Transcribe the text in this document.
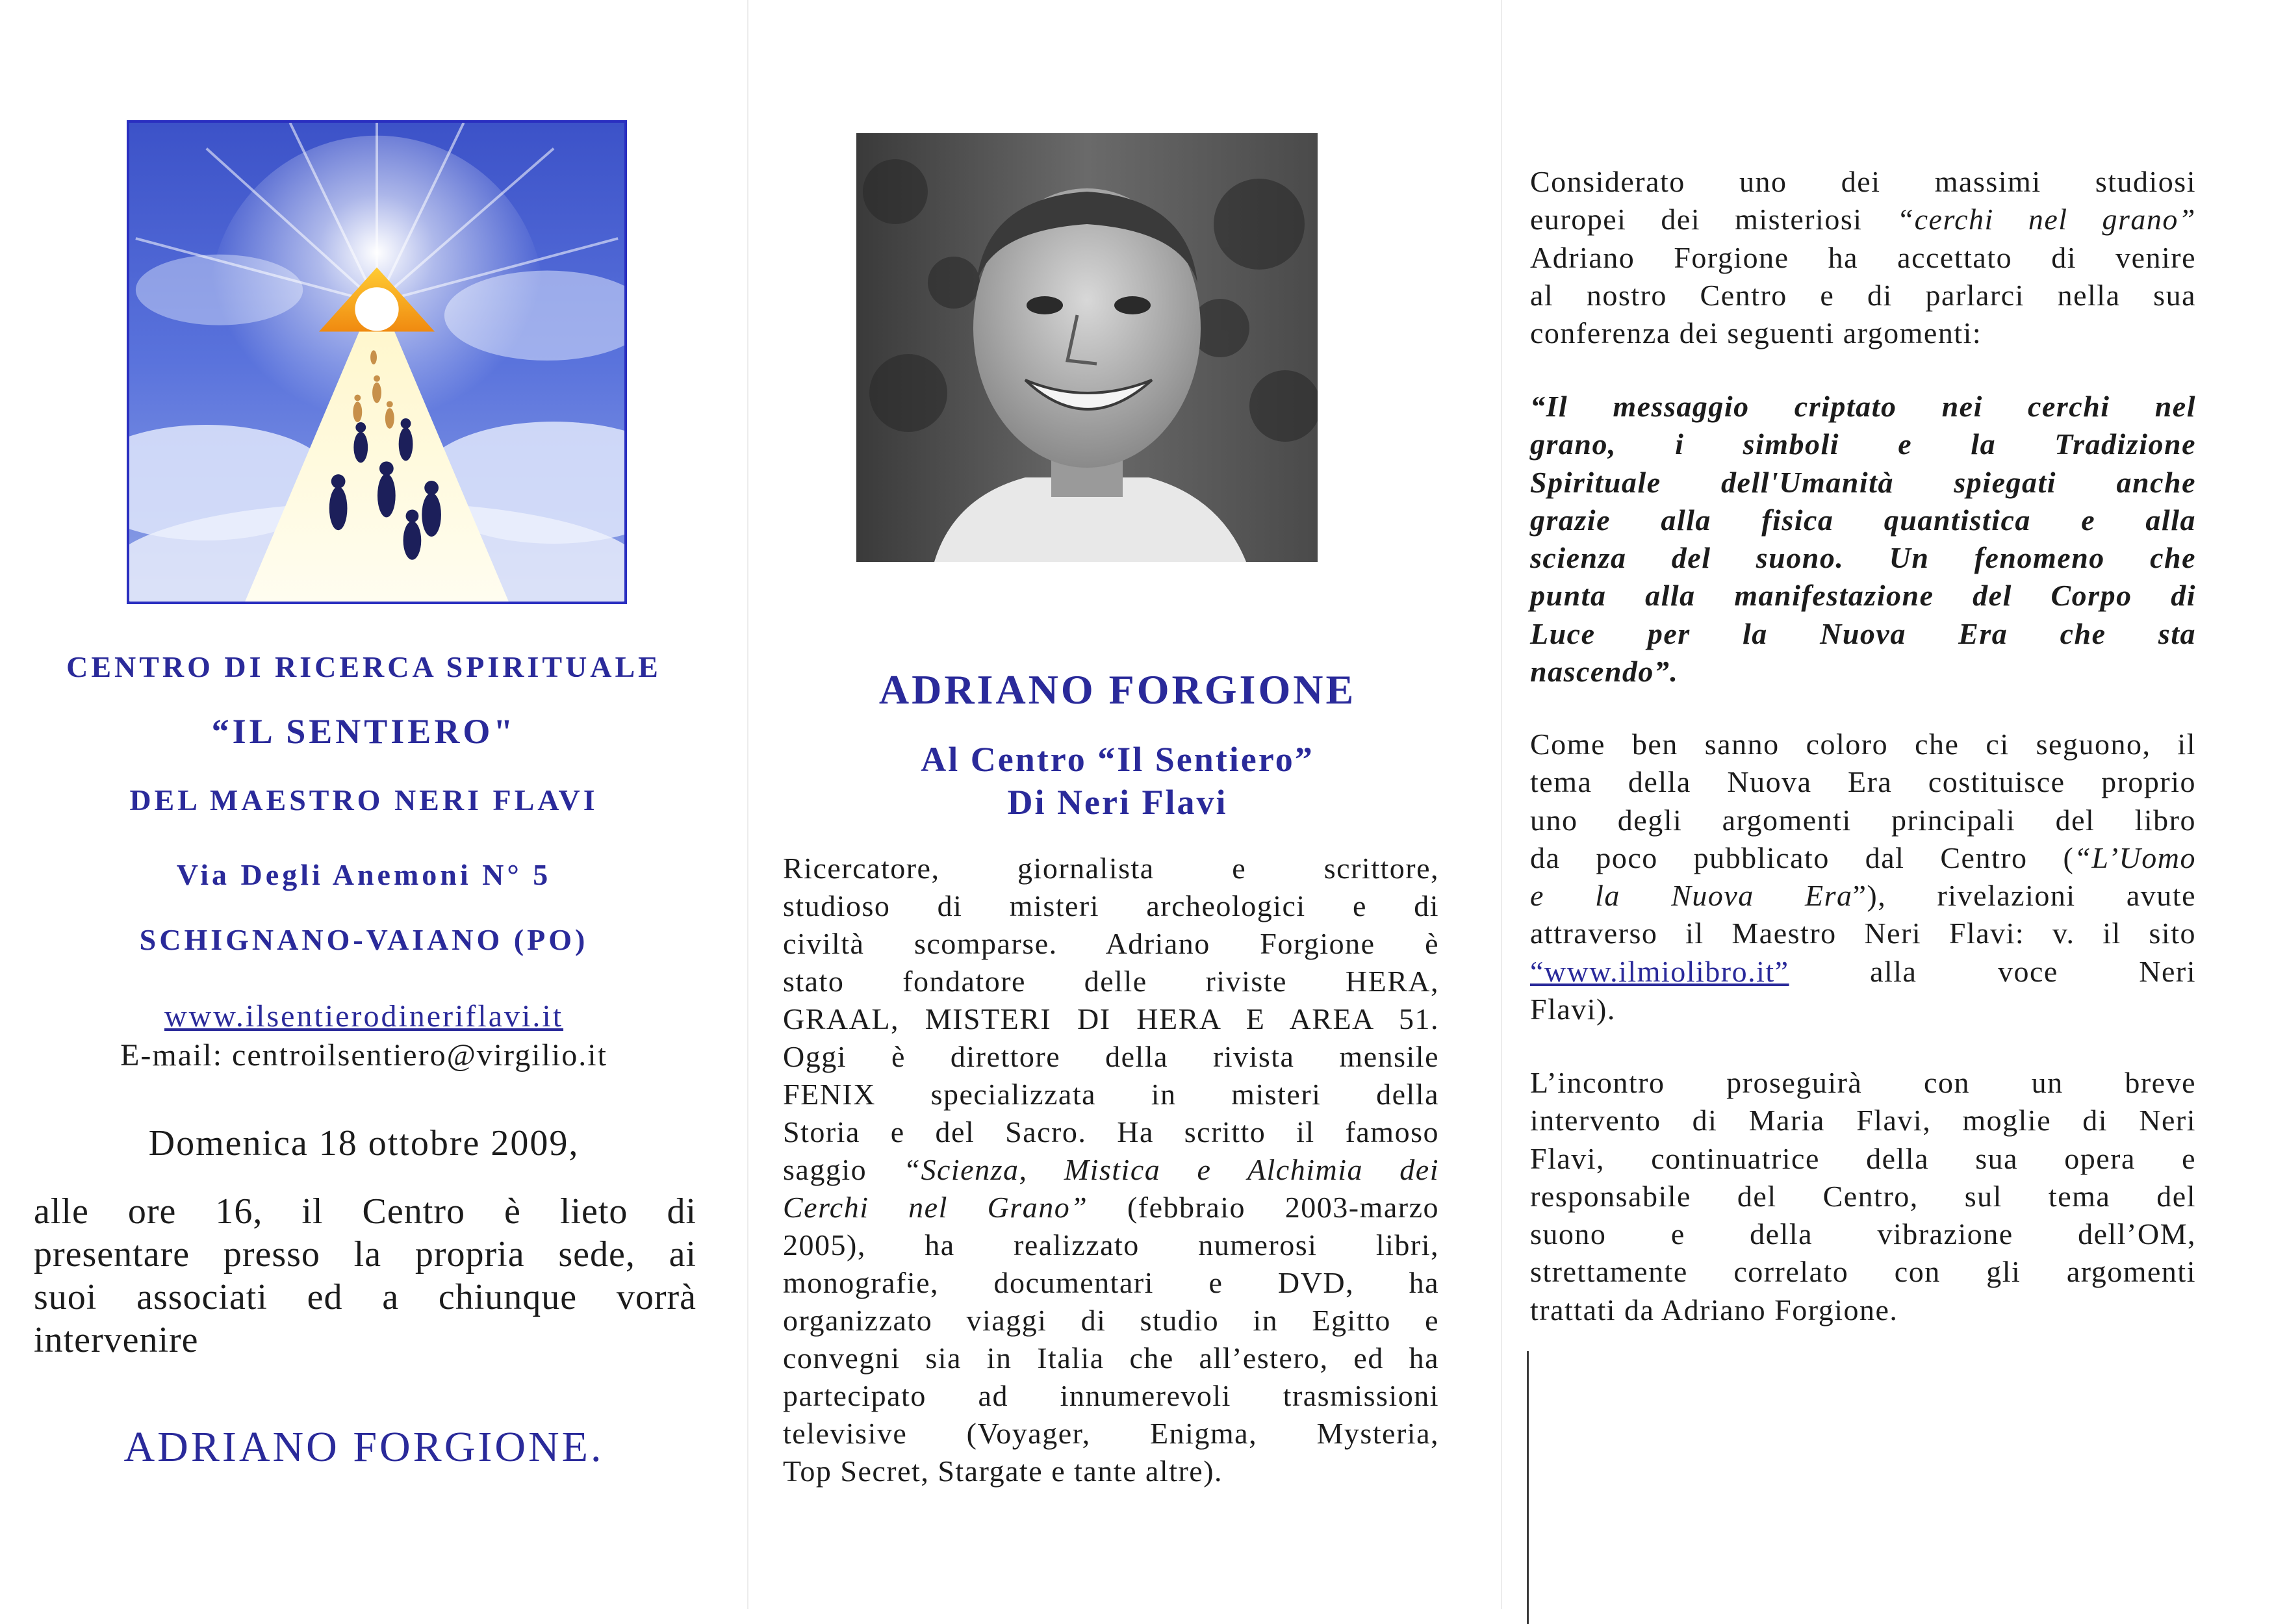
CENTRO DI RICERCA SPIRITUALE
“IL SENTIERO"
DEL MAESTRO NERI FLAVI
Via Degli Anemoni N° 5
SCHIGNANO-VAIANO (PO)
www.ilsentierodineriflavi.it
E-mail: centroilsentiero@virgilio.it
Domenica 18 ottobre 2009,
alle ore 16, il Centro è lieto di
presentare presso la propria sede, ai
suoi associati ed a chiunque vorrà
intervenire
ADRIANO FORGIONE.
ADRIANO FORGIONE
Al Centro “Il Sentiero”
Di Neri Flavi
Ricercatore, giornalista e scrittore,
studioso di misteri archeologici e di
civiltà scomparse. Adriano Forgione è
stato fondatore delle riviste HERA,
GRAAL, MISTERI DI HERA E AREA 51.
Oggi è direttore della rivista mensile
FENIX specializzata in misteri della
Storia e del Sacro. Ha scritto il famoso
saggio “Scienza, Mistica e Alchimia dei
Cerchi nel Grano” (febbraio 2003-marzo
2005), ha realizzato numerosi libri,
monografie, documentari e DVD, ha
organizzato viaggi di studio in Egitto e
convegni sia in Italia che all’estero, ed ha
partecipato ad innumerevoli trasmissioni
televisive (Voyager, Enigma, Mysteria,
Top Secret, Stargate e tante altre).
Considerato uno dei massimi studiosi
europei dei misteriosi “cerchi nel grano”
Adriano Forgione ha accettato di venire
al nostro Centro e di parlarci nella sua
conferenza dei seguenti argomenti:
“Il messaggio criptato nei cerchi nel
grano, i simboli e la Tradizione
Spirituale dell'Umanità spiegati anche
grazie alla fisica quantistica e alla
scienza del suono. Un fenomeno che
punta alla manifestazione del Corpo di
Luce per la Nuova Era che sta
nascendo”.
Come ben sanno coloro che ci seguono, il
tema della Nuova Era costituisce proprio
uno degli argomenti principali del libro
da poco pubblicato dal Centro (“L’Uomo
e la Nuova Era”), rivelazioni avute
attraverso il Maestro Neri Flavi: v. il sito
“www.ilmiolibro.it” alla voce Neri
Flavi).
L’incontro proseguirà con un breve
intervento di Maria Flavi, moglie di Neri
Flavi, continuatrice della sua opera e
responsabile del Centro, sul tema del
suono e della vibrazione dell’OM,
strettamente correlato con gli argomenti
trattati da Adriano Forgione.
